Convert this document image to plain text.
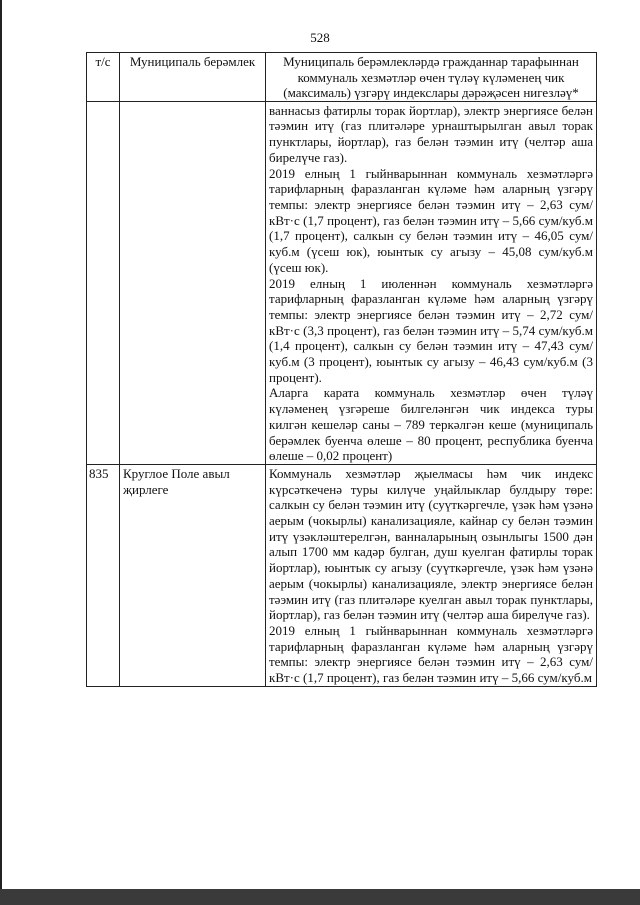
528
т/с	Муниципаль берәмлек	Муниципаль берәмлекләрдә гражданнар тарафыннан коммуналь хезмәтләр өчен түләү күләменең чик (максималь) үзгәрү индекслары дәрәҗәсен нигезләү*

		ваннасыз фатирлы торак йортлар), электр энергиясе белән тәэмин итү (газ плитәләре урнаштырылган авыл торак пунктлары, йортлар), газ белән тәэмин итү (челтәр аша бирелүче газ).

2019 елның 1 гыйнварыннан коммуналь хезмәтләргә тарифларның фаразланган күләме һәм аларның үзгәрү темпы: электр энергиясе белән тәэмин итү – 2,63 сум/кВт·с (1,7 процент), газ белән тәэмин итү – 5,66 сум/куб.м (1,7 процент), салкын су белән тәэмин итү – 46,05 сум/куб.м (үсеш юк), юынтык су агызу – 45,08 сум/куб.м (үсеш юк).

2019 елның 1 июленнән коммуналь хезмәтләргә тарифларның фаразланган күләме һәм аларның үзгәрү темпы: электр энергиясе белән тәэмин итү – 2,72 сум/кВт·с (3,3 процент), газ белән тәэмин итү – 5,74 сум/куб.м (1,4 процент), салкын су белән тәэмин итү – 47,43 сум/куб.м (3 процент), юынтык су агызу – 46,43 сум/куб.м (3 процент).

Аларга карата коммуналь хезмәтләр өчен түләү күләменең үзгәреше билгеләнгән чик индекса туры килгән кешеләр саны – 789 теркәлгән кеше (муниципаль берәмлек буенча өлеше – 80 процент, республика буенча өлеше – 0,02 процент)

835	Круглое Поле авыл җирлеге	Коммуналь хезмәтләр җыелмасы һәм чик индекс күрсәткеченә туры килүче уңайлыклар булдыру төре: салкын су белән тәэмин итү (суүткәргечле, үзәк һәм үзәнә аерым (чокырлы) канализацияле, кайнар су белән тәэмин итү үзәкләштерелгән, ванналарының озынлыгы 1500 дән алып 1700 мм кадәр булган, душ куелган фатирлы торак йортлар), юынтык су агызу (суүткәргечле, үзәк һәм үзәнә аерым (чокырлы) канализацияле, электр энергиясе белән тәэмин итү (газ плитәләре куелган авыл торак пунктлары, йортлар), газ белән тәэмин итү (челтәр аша бирелүче газ).

2019 елның 1 гыйнварыннан коммуналь хезмәтләргә тарифларның фаразланган күләме һәм аларның үзгәрү темпы: электр энергиясе белән тәэмин итү – 2,63 сум/кВт·с (1,7 процент), газ белән тәэмин итү – 5,66 сум/куб.м
